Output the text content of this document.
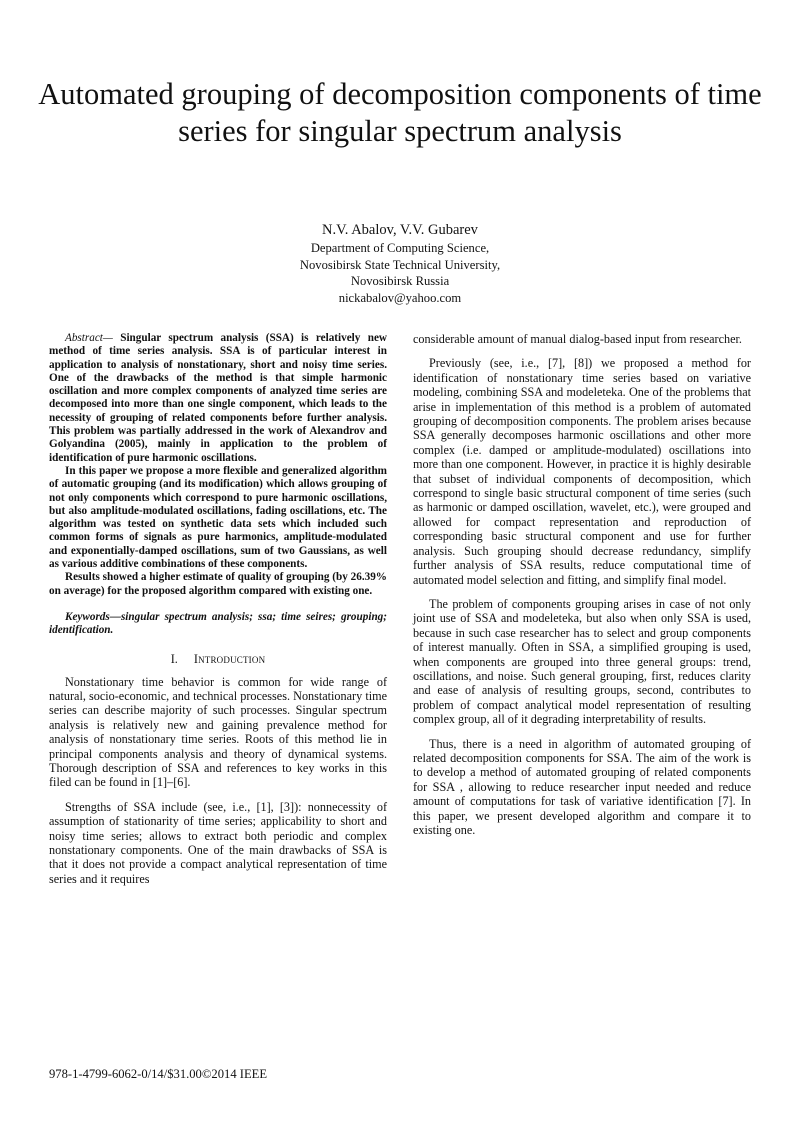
Automated grouping of decomposition components of time series for singular spectrum analysis
N.V. Abalov, V.V. Gubarev
Department of Computing Science,
Novosibirsk State Technical University,
Novosibirsk Russia
nickabalov@yahoo.com

Abstract— Singular spectrum analysis (SSA) is relatively new method of time series analysis. SSA is of particular interest in application to analysis of nonstationary, short and noisy time series. One of the drawbacks of the method is that simple harmonic oscillation and more complex components of analyzed time series are decomposed into more than one single component, which leads to the necessity of grouping of related components before further analysis. This problem was partially addressed in the work of Alexandrov and Golyandina (2005), mainly in application to the problem of identification of pure harmonic oscillations.

In this paper we propose a more flexible and generalized algorithm of automatic grouping (and its modification) which allows grouping of not only components which correspond to pure harmonic oscillations, but also amplitude-modulated oscillations, fading oscillations, etc. The algorithm was tested on synthetic data sets which included such common forms of signals as pure harmonics, amplitude-modulated and exponentially-damped oscillations, sum of two Gaussians, as well as various additive combinations of these components.

Results showed a higher estimate of quality of grouping (by 26.39% on average) for the proposed algorithm compared with existing one.

Keywords—singular spectrum analysis; ssa; time seires; grouping; identification.

I. Introduction

Nonstationary time behavior is common for wide range of natural, socio-economic, and technical processes. Nonstationary time series can describe majority of such processes. Singular spectrum analysis is relatively new and gaining prevalence method for analysis of nonstationary time series. Roots of this method lie in principal components analysis and theory of dynamical systems. Thorough description of SSA and references to key works in this filed can be found in [1]–[6].

Strengths of SSA include (see, i.e., [1], [3]): nonnecessity of assumption of stationarity of time series; applicability to short and noisy time series; allows to extract both periodic and complex nonstationary components. One of the main drawbacks of SSA is that it does not provide a compact analytical representation of time series and it requires

considerable amount of manual dialog-based input from researcher.

Previously (see, i.e., [7], [8]) we proposed a method for identification of nonstationary time series based on variative modeling, combining SSA and modeleteka. One of the problems that arise in implementation of this method is a problem of automated grouping of decomposition components. The problem arises because SSA generally decomposes harmonic oscillations and other more complex (i.e. damped or amplitude-modulated) oscillations into more than one component. However, in practice it is highly desirable that subset of individual components of decomposition, which correspond to single basic structural component of time series (such as harmonic or damped oscillation, wavelet, etc.), were grouped and allowed for compact representation and reproduction of corresponding basic structural component and use for further analysis. Such grouping should decrease redundancy, simplify further analysis of SSA results, reduce computational time of automated model selection and fitting, and simplify final model.

The problem of components grouping arises in case of not only joint use of SSA and modeleteka, but also when only SSA is used, because in such case researcher has to select and group components of interest manually. Often in SSA, a simplified grouping is used, when components are grouped into three general groups: trend, oscillations, and noise. Such general grouping, first, reduces clarity and ease of analysis of resulting groups, second, contributes to problem of compact analytical model representation of resulting complex group, all of it degrading interpretability of results.

Thus, there is a need in algorithm of automated grouping of related decomposition components for SSA. The aim of the work is to develop a method of automated grouping of related components for SSA , allowing to reduce researcher input needed and reduce amount of computations for task of variative identification [7]. In this paper, we present developed algorithm and compare it to existing one.

978-1-4799-6062-0/14/$31.00©2014 IEEE
